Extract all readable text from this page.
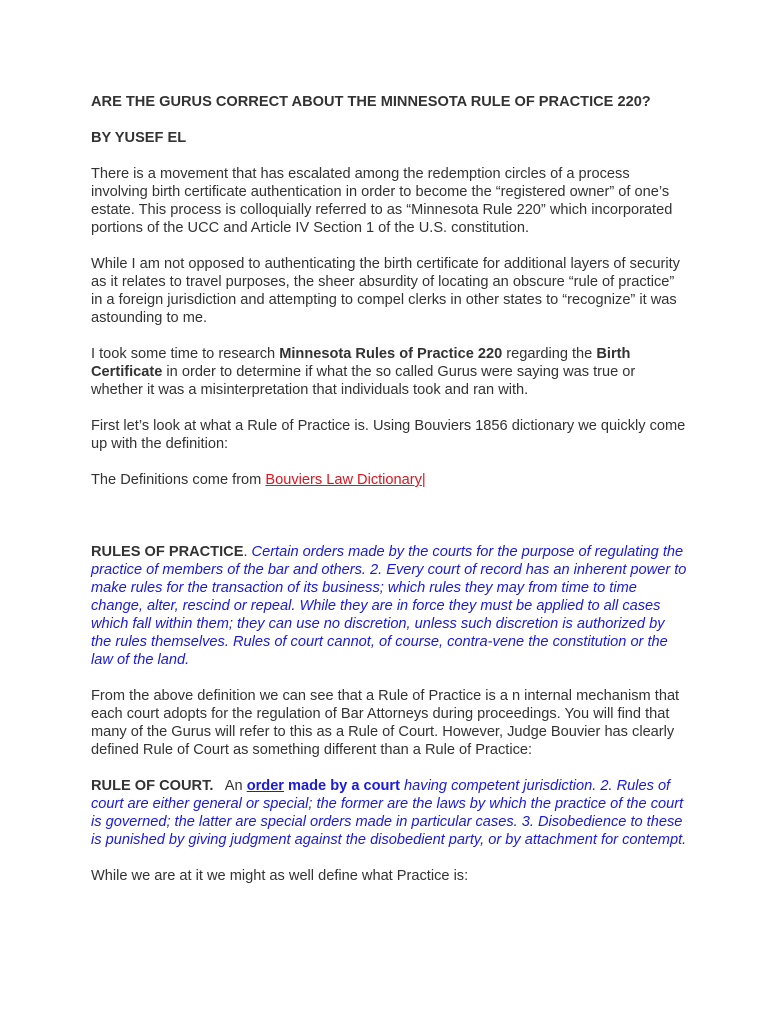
ARE THE GURUS CORRECT ABOUT THE MINNESOTA RULE OF PRACTICE 220?

BY YUSEF EL

There is a movement that has escalated among the redemption circles of a process involving birth certificate authentication in order to become the “registered owner” of one’s estate. This process is colloquially referred to as “Minnesota Rule 220” which incorporated portions of the UCC and Article IV Section 1 of the U.S. constitution.

While I am not opposed to authenticating the birth certificate for additional layers of security as it relates to travel purposes, the sheer absurdity of locating an obscure “rule of practice” in a foreign jurisdiction and attempting to compel clerks in other states to “recognize” it was astounding to me.

I took some time to research Minnesota Rules of Practice 220 regarding the Birth Certificate in order to determine if what the so called Gurus were saying was true or whether it was a misinterpretation that individuals took and ran with.

First let’s look at what a Rule of Practice is. Using Bouviers 1856 dictionary we quickly come up with the definition:

The Definitions come from Bouviers Law Dictionary|

RULES OF PRACTICE. Certain orders made by the courts for the purpose of regulating the practice of members of the bar and others. 2. Every court of record has an inherent power to make rules for the transaction of its business; which rules they may from time to time change, alter, rescind or repeal. While they are in force they must be applied to all cases which fall within them; they can use no discretion, unless such discretion is authorized by the rules themselves. Rules of court cannot, of course, contra-vene the constitution or the law of the land.

From the above definition we can see that a Rule of Practice is a n internal mechanism that each court adopts for the regulation of Bar Attorneys during proceedings. You will find that many of the Gurus will refer to this as a Rule of Court. However, Judge Bouvier has clearly defined Rule of Court as something different than a Rule of Practice:

RULE OF COURT.   An order made by a court having competent jurisdiction. 2. Rules of court are either general or special; the former are the laws by which the practice of the court is governed; the latter are special orders made in particular cases. 3. Disobedience to these is punished by giving judgment against the disobedient party, or by attachment for contempt.

While we are at it we might as well define what Practice is:
